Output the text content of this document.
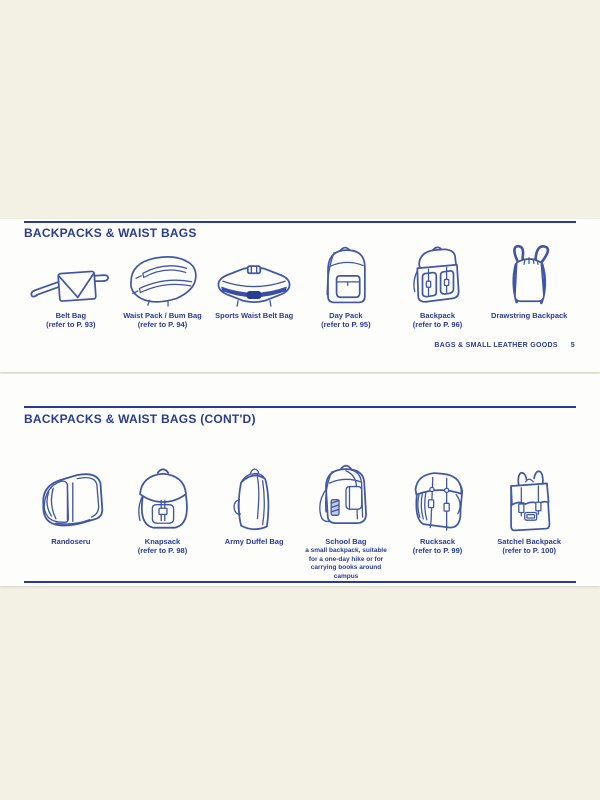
BACKPACKS & WAIST BAGS
Belt Bag
(refer to P. 93)
Waist Pack / Bum Bag
(refer to P. 94)
Sports Waist Belt Bag	Day Pack
(refer to P. 95)
Backpack
(refer to P. 96)
Drawstring Backpack
BAGS & SMALL LEATHER GOODS 5
BACKPACKS & WAIST BAGS (CONT'D)
Randoseru	Knapsack
(refer to P. 98)
Army Duffel Bag	School Bag
a small backpack, suitable for a one-day hike or for carrying books around campus
Rucksack
(refer to P. 99)
Satchel Backpack
(refer to P. 100)
